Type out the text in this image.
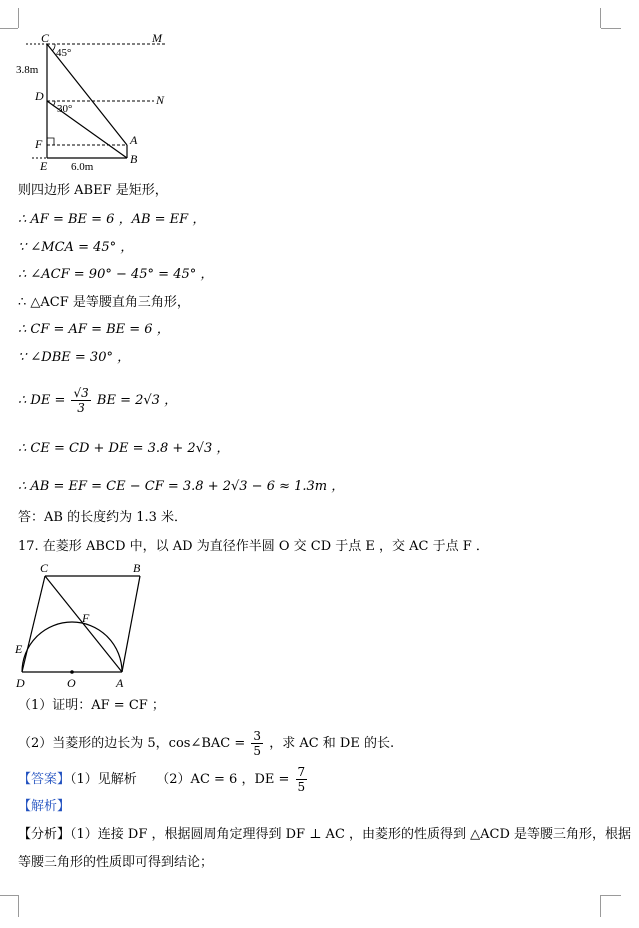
C	M
45°
3.8m
D	N
30°
F	A
E 6.0m
B
则四边形 ABEF 是矩形，
∴ AF = BE = 6 ，AB = EF ，
∵ ∠MCA = 45° ，
∴ ∠ACF = 90° − 45° = 45° ，
∴ △ACF 是等腰直角三角形，
∴ CF = AF = BE = 6 ，
∵ ∠DBE = 30° ，
∴ DE = $\frac{√3}{3}$ BE = 2√3 ，
∴ CE = CD + DE = 3.8 + 2√3 ，
∴ AB = EF = CE − CF = 3.8 + 2√3 − 6 ≈ 1.3m ，
答：AB 的长度约为 1.3 米．
17. 在菱形 ABCD 中，以 AD 为直径作半圆 O 交 CD 于点 E ，交 AC 于点 F ．
C	B
F
E
D	O	A
（1）证明：AF = CF ；
（2）当菱形的边长为 5，cos∠BAC = $\frac{3}{5}$ ，求 AC 和 DE 的长.
【答案】（1）见解析　　（2）AC = 6 ，DE = $\frac{7}{5}$
【解析】
【分析】（1）连接 DF ，根据圆周角定理得到 DF ⊥ AC ，由菱形的性质得到 △ACD 是等腰三角形，根据
等腰三角形的性质即可得到结论；
